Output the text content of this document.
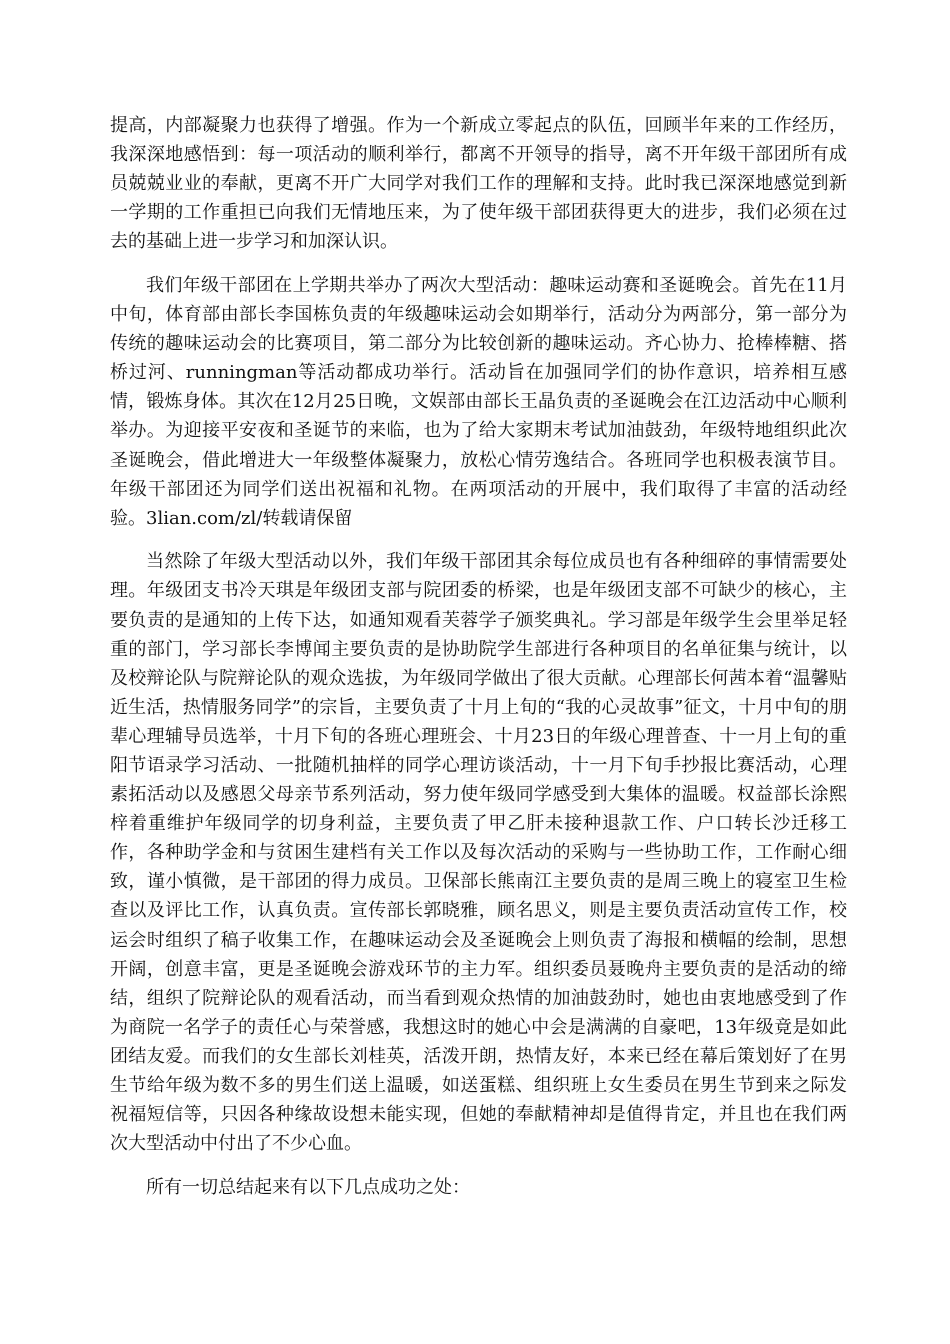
提高，内部凝聚力也获得了增强。作为一个新成立零起点的队伍，回顾半年来的工作经历，我深深地感悟到：每一项活动的顺利举行，都离不开领导的指导，离不开年级干部团所有成员兢兢业业的奉献，更离不开广大同学对我们工作的理解和支持。此时我已深深地感觉到新一学期的工作重担已向我们无情地压来，为了使年级干部团获得更大的进步，我们必须在过去的基础上进一步学习和加深认识。

我们年级干部团在上学期共举办了两次大型活动：趣味运动赛和圣诞晚会。首先在11月中旬，体育部由部长李国栋负责的年级趣味运动会如期举行，活动分为两部分，第一部分为传统的趣味运动会的比赛项目，第二部分为比较创新的趣味运动。齐心协力、抢棒棒糖、搭桥过河、runningman等活动都成功举行。活动旨在加强同学们的协作意识，培养相互感情，锻炼身体。其次在12月25日晚，文娱部由部长王晶负责的圣诞晚会在江边活动中心顺利举办。为迎接平安夜和圣诞节的来临，也为了给大家期末考试加油鼓劲，年级特地组织此次圣诞晚会，借此增进大一年级整体凝聚力，放松心情劳逸结合。各班同学也积极表演节目。年级干部团还为同学们送出祝福和礼物。在两项活动的开展中，我们取得了丰富的活动经验。3lian.com/zl/转载请保留

当然除了年级大型活动以外，我们年级干部团其余每位成员也有各种细碎的事情需要处理。年级团支书冷天琪是年级团支部与院团委的桥梁，也是年级团支部不可缺少的核心，主要负责的是通知的上传下达，如通知观看芙蓉学子颁奖典礼。学习部是年级学生会里举足轻重的部门，学习部长李博闻主要负责的是协助院学生部进行各种项目的名单征集与统计，以及校辩论队与院辩论队的观众选拔，为年级同学做出了很大贡献。心理部长何茜本着“温馨贴近生活，热情服务同学”的宗旨，主要负责了十月上旬的“我的心灵故事”征文，十月中旬的朋辈心理辅导员选举，十月下旬的各班心理班会、十月23日的年级心理普查、十一月上旬的重阳节语录学习活动、一批随机抽样的同学心理访谈活动，十一月下旬手抄报比赛活动，心理素拓活动以及感恩父母亲节系列活动，努力使年级同学感受到大集体的温暖。权益部长涂熙梓着重维护年级同学的切身利益，主要负责了甲乙肝未接种退款工作、户口转长沙迁移工作，各种助学金和与贫困生建档有关工作以及每次活动的采购与一些协助工作，工作耐心细致，谨小慎微，是干部团的得力成员。卫保部长熊南江主要负责的是周三晚上的寝室卫生检查以及评比工作，认真负责。宣传部长郭晓雅，顾名思义，则是主要负责活动宣传工作，校运会时组织了稿子收集工作，在趣味运动会及圣诞晚会上则负责了海报和横幅的绘制，思想开阔，创意丰富，更是圣诞晚会游戏环节的主力军。组织委员聂晚舟主要负责的是活动的缔结，组织了院辩论队的观看活动，而当看到观众热情的加油鼓劲时，她也由衷地感受到了作为商院一名学子的责任心与荣誉感，我想这时的她心中会是满满的自豪吧，13年级竟是如此团结友爱。而我们的女生部长刘桂英，活泼开朗，热情友好，本来已经在幕后策划好了在男生节给年级为数不多的男生们送上温暖，如送蛋糕、组织班上女生委员在男生节到来之际发祝福短信等，只因各种缘故设想未能实现，但她的奉献精神却是值得肯定，并且也在我们两次大型活动中付出了不少心血。

所有一切总结起来有以下几点成功之处：
